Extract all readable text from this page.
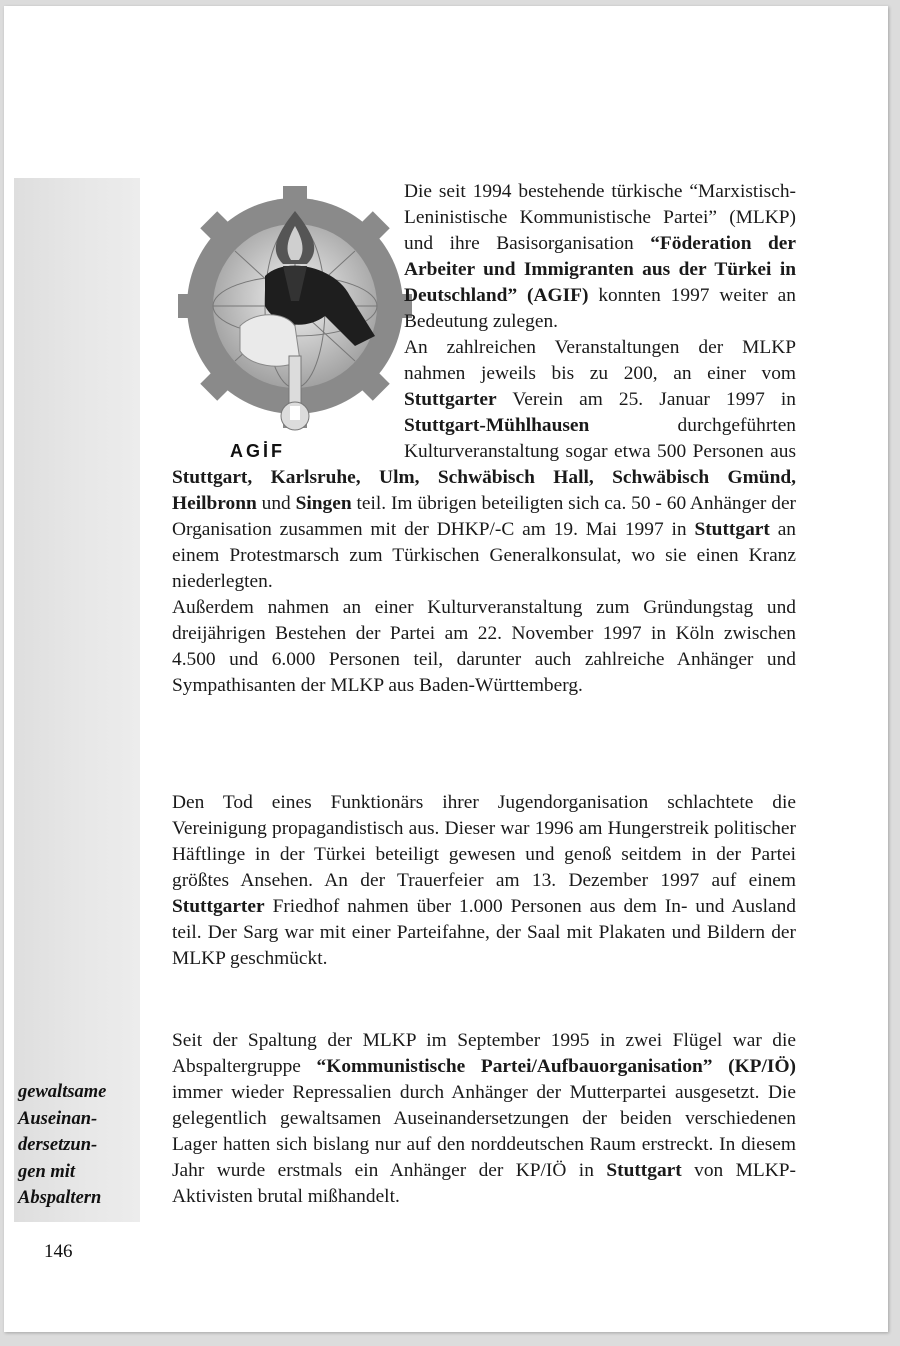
AGİF
Die seit 1994 bestehende türkische “Marxistisch-Leninistische Kommunistische Partei” (MLKP) und ihre Basisorganisation “Föderation der Arbeiter und Immigranten aus der Türkei in Deutschland” (AGIF) konnten 1997 weiter an Bedeutung zulegen.
An zahlreichen Veranstaltungen der MLKP nahmen jeweils bis zu 200, an einer vom Stuttgarter Verein am 25. Januar 1997 in Stuttgart-Mühlhausen durchgeführten Kulturveranstaltung sogar etwa 500 Personen aus Stuttgart, Karlsruhe, Ulm, Schwäbisch Hall, Schwäbisch Gmünd, Heilbronn und Singen teil. Im übrigen beteiligten sich ca. 50 - 60 Anhänger der Organisation zusammen mit der DHKP/-C am 19. Mai 1997 in Stuttgart an einem Protestmarsch zum Türkischen Generalkonsulat, wo sie einen Kranz niederlegten.
Außerdem nahmen an einer Kulturveranstaltung zum Gründungstag und dreijährigen Bestehen der Partei am 22. November 1997 in Köln zwischen 4.500 und 6.000 Personen teil, darunter auch zahlreiche Anhänger und Sympathisanten der MLKP aus Baden-Württemberg.
Den Tod eines Funktionärs ihrer Jugendorganisation schlachtete die Vereinigung propagandistisch aus. Dieser war 1996 am Hungerstreik politischer Häftlinge in der Türkei beteiligt gewesen und genoß seitdem in der Partei größtes Ansehen. An der Trauerfeier am 13. Dezember 1997 auf einem Stuttgarter Friedhof nahmen über 1.000 Personen aus dem In- und Ausland teil. Der Sarg war mit einer Parteifahne, der Saal mit Plakaten und Bildern der MLKP geschmückt.
Seit der Spaltung der MLKP im September 1995 in zwei Flügel war die Abspaltergruppe “Kommunistische Partei/Aufbauorganisation” (KP/IÖ) immer wieder Repressalien durch Anhänger der Mutterpartei ausgesetzt. Die gelegentlich gewaltsamen Auseinandersetzungen der beiden verschiedenen Lager hatten sich bislang nur auf den norddeutschen Raum erstreckt. In diesem Jahr wurde erstmals ein Anhänger der KP/IÖ in Stuttgart von MLKP-Aktivisten brutal mißhandelt.
gewaltsame
Auseinan-
dersetzun-
gen mit
Abspaltern
146
